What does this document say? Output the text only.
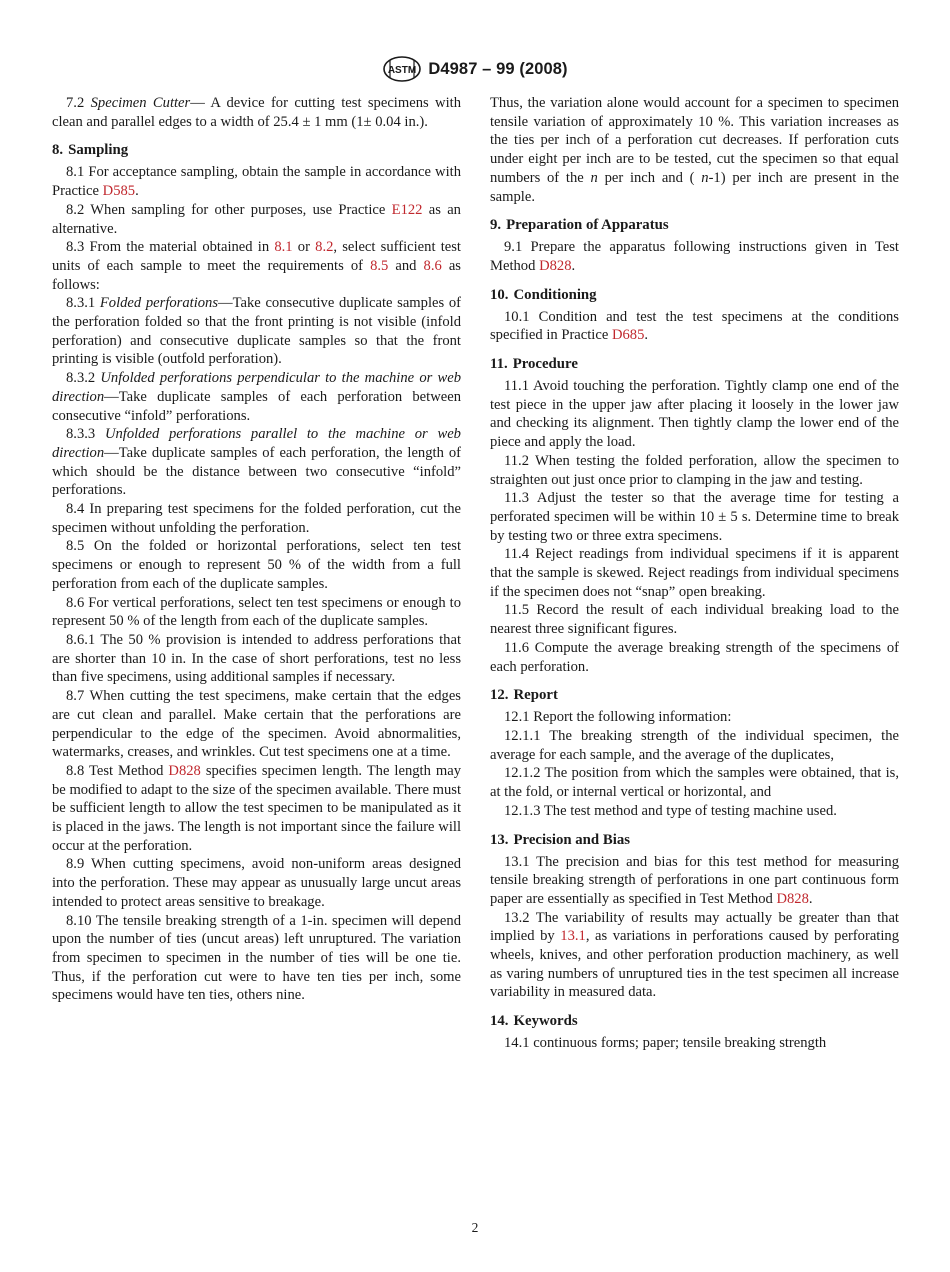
ASTM D4987 – 99 (2008)

7.2 Specimen Cutter— A device for cutting test specimens with clean and parallel edges to a width of 25.4 ± 1 mm (1± 0.04 in.).

8. Sampling

8.1 For acceptance sampling, obtain the sample in accordance with Practice D585.

8.2 When sampling for other purposes, use Practice E122 as an alternative.

8.3 From the material obtained in 8.1 or 8.2, select sufficient test units of each sample to meet the requirements of 8.5 and 8.6 as follows:

8.3.1 Folded perforations—Take consecutive duplicate samples of the perforation folded so that the front printing is not visible (infold perforation) and consecutive duplicate samples so that the front printing is visible (outfold perforation).

8.3.2 Unfolded perforations perpendicular to the machine or web direction—Take duplicate samples of each perforation between consecutive “infold” perforations.

8.3.3 Unfolded perforations parallel to the machine or web direction—Take duplicate samples of each perforation, the length of which should be the distance between two consecutive “infold” perforations.

8.4 In preparing test specimens for the folded perforation, cut the specimen without unfolding the perforation.

8.5 On the folded or horizontal perforations, select ten test specimens or enough to represent 50 % of the width from a full perforation from each of the duplicate samples.

8.6 For vertical perforations, select ten test specimens or enough to represent 50 % of the length from each of the duplicate samples.

8.6.1 The 50 % provision is intended to address perforations that are shorter than 10 in. In the case of short perforations, test no less than five specimens, using additional samples if necessary.

8.7 When cutting the test specimens, make certain that the edges are cut clean and parallel. Make certain that the perforations are perpendicular to the edge of the specimen. Avoid abnormalities, watermarks, creases, and wrinkles. Cut test specimens one at a time.

8.8 Test Method D828 specifies specimen length. The length may be modified to adapt to the size of the specimen available. There must be sufficient length to allow the test specimen to be manipulated as it is placed in the jaws. The length is not important since the failure will occur at the perforation.

8.9 When cutting specimens, avoid non-uniform areas designed into the perforation. These may appear as unusually large uncut areas intended to protect areas sensitive to breakage.

8.10 The tensile breaking strength of a 1-in. specimen will depend upon the number of ties (uncut areas) left unruptured. The variation from specimen to specimen in the number of ties will be one tie. Thus, if the perforation cut were to have ten ties per inch, some specimens would have ten ties, others nine.

Thus, the variation alone would account for a specimen to specimen tensile variation of approximately 10 %. This variation increases as the ties per inch of a perforation cut decreases. If perforation cuts under eight per inch are to be tested, cut the specimen so that equal numbers of the n per inch and ( n-1) per inch are present in the sample.

9. Preparation of Apparatus

9.1 Prepare the apparatus following instructions given in Test Method D828.

10. Conditioning

10.1 Condition and test the test specimens at the conditions specified in Practice D685.

11. Procedure

11.1 Avoid touching the perforation. Tightly clamp one end of the test piece in the upper jaw after placing it loosely in the lower jaw and checking its alignment. Then tightly clamp the lower end of the piece and apply the load.

11.2 When testing the folded perforation, allow the specimen to straighten out just once prior to clamping in the jaw and testing.

11.3 Adjust the tester so that the average time for testing a perforated specimen will be within 10 ± 5 s. Determine time to break by testing two or three extra specimens.

11.4 Reject readings from individual specimens if it is apparent that the sample is skewed. Reject readings from individual specimens if the specimen does not “snap” open breaking.

11.5 Record the result of each individual breaking load to the nearest three significant figures.

11.6 Compute the average breaking strength of the specimens of each perforation.

12. Report

12.1 Report the following information:

12.1.1 The breaking strength of the individual specimen, the average for each sample, and the average of the duplicates,

12.1.2 The position from which the samples were obtained, that is, at the fold, or internal vertical or horizontal, and

12.1.3 The test method and type of testing machine used.

13. Precision and Bias

13.1 The precision and bias for this test method for measuring tensile breaking strength of perforations in one part continuous form paper are essentially as specified in Test Method D828.

13.2 The variability of results may actually be greater than that implied by 13.1, as variations in perforations caused by perforating wheels, knives, and other perforation production machinery, as well as varing numbers of unruptured ties in the test specimen all increase variability in measured data.

14. Keywords

14.1 continuous forms; paper; tensile breaking strength

2
